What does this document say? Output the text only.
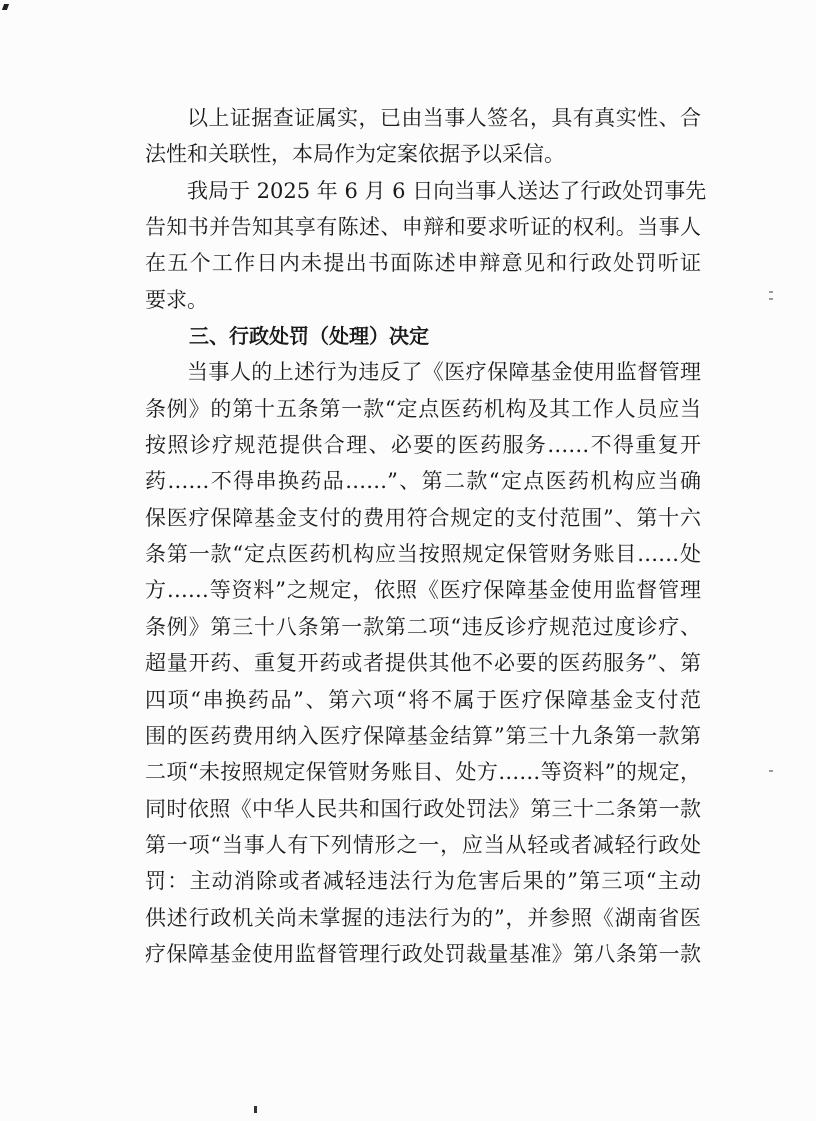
以上证据查证属实，已由当事人签名，具有真实性、合
法性和关联性，本局作为定案依据予以采信。
我局于 2025 年 6 月 6 日向当事人送达了行政处罚事先
告知书并告知其享有陈述、申辩和要求听证的权利。当事人
在五个工作日内未提出书面陈述申辩意见和行政处罚听证
要求。
三、行政处罚（处理）决定
当事人的上述行为违反了《医疗保障基金使用监督管理
条例》的第十五条第一款“定点医药机构及其工作人员应当
按照诊疗规范提供合理、必要的医药服务……不得重复开
药……不得串换药品……”、第二款“定点医药机构应当确
保医疗保障基金支付的费用符合规定的支付范围”、第十六
条第一款“定点医药机构应当按照规定保管财务账目……处
方……等资料”之规定，依照《医疗保障基金使用监督管理
条例》第三十八条第一款第二项“违反诊疗规范过度诊疗、
超量开药、重复开药或者提供其他不必要的医药服务”、第
四项“串换药品”、第六项“将不属于医疗保障基金支付范
围的医药费用纳入医疗保障基金结算”第三十九条第一款第
二项“未按照规定保管财务账目、处方……等资料”的规定，
同时依照《中华人民共和国行政处罚法》第三十二条第一款
第一项“当事人有下列情形之一，应当从轻或者减轻行政处
罚：主动消除或者减轻违法行为危害后果的”第三项“主动
供述行政机关尚未掌握的违法行为的”，并参照《湖南省医
疗保障基金使用监督管理行政处罚裁量基准》第八条第一款
